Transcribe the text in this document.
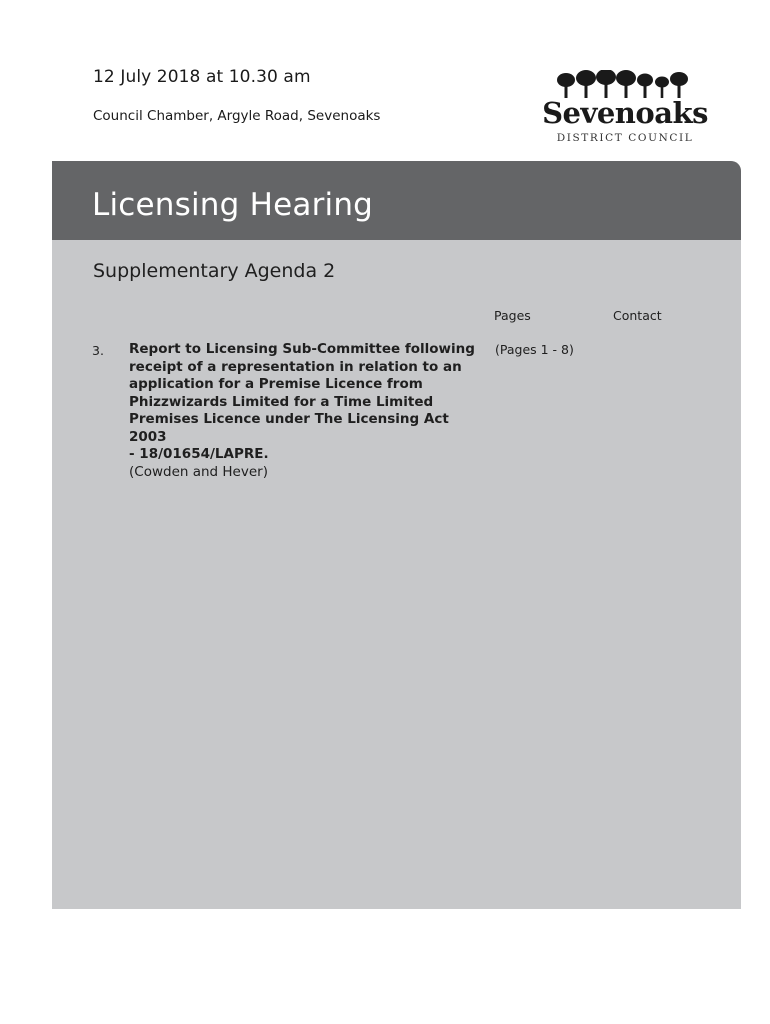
12 July 2018 at 10.30 am
Council Chamber, Argyle Road, Sevenoaks	Sevenoaks
DISTRICT COUNCIL
Licensing Hearing
Supplementary Agenda 2
Pages	Contact
3. Report to Licensing Sub-Committee following
receipt of a representation in relation to an
application for a Premise Licence from
Phizzwizards Limited for a Time Limited
Premises Licence under The Licensing Act 2003
- 18/01654/LAPRE.
(Cowden and Hever)
(Pages 1 - 8)
